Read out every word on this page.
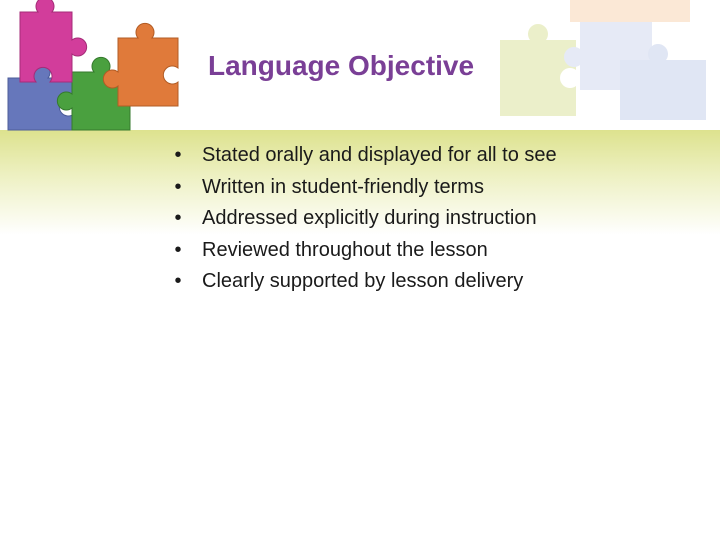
Language Objective
• Stated orally and displayed for all to see
• Written in student-friendly terms
• Addressed explicitly during instruction
• Reviewed throughout the lesson
• Clearly supported by lesson delivery
